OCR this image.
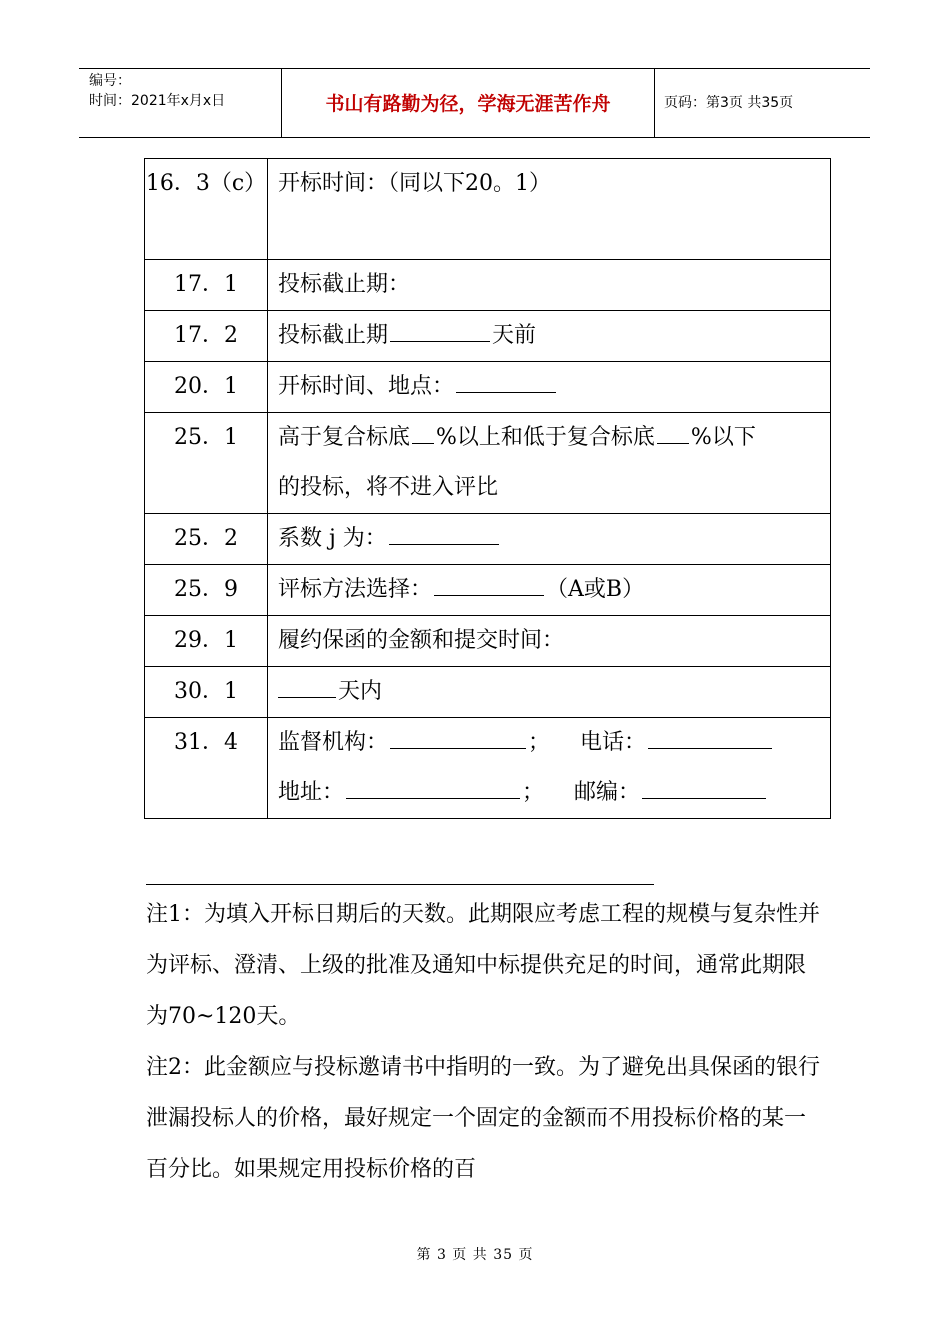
编号：
时间：2021年x月x日	书山有路勤为径，学海无涯苦作舟	页码：第3页 共35页
16．3（c）	开标时间：（同以下20。1）

17．1	投标截止期：

17．2	投标截止期 天前

20．1	开标时间、地点：

25．1	高于复合标底 %以上和低于复合标底 %以下
的投标，将不进入评比

25．2	系数 j 为：

25．9	评标方法选择： （A或B）

29．1	履约保函的金额和提交时间：

30．1	天内

31．4	监督机构： ； 电话：
地址： ； 邮编：

注1：为填入开标日期后的天数。此期限应考虑工程的规模与复杂性并为评标、澄清、上级的批准及通知中标提供充足的时间，通常此期限为70~120天。

注2：此金额应与投标邀请书中指明的一致。为了避免出具保函的银行泄漏投标人的价格，最好规定一个固定的金额而不用投标价格的某一百分比。如果规定用投标价格的百

第 3 页 共 35 页
